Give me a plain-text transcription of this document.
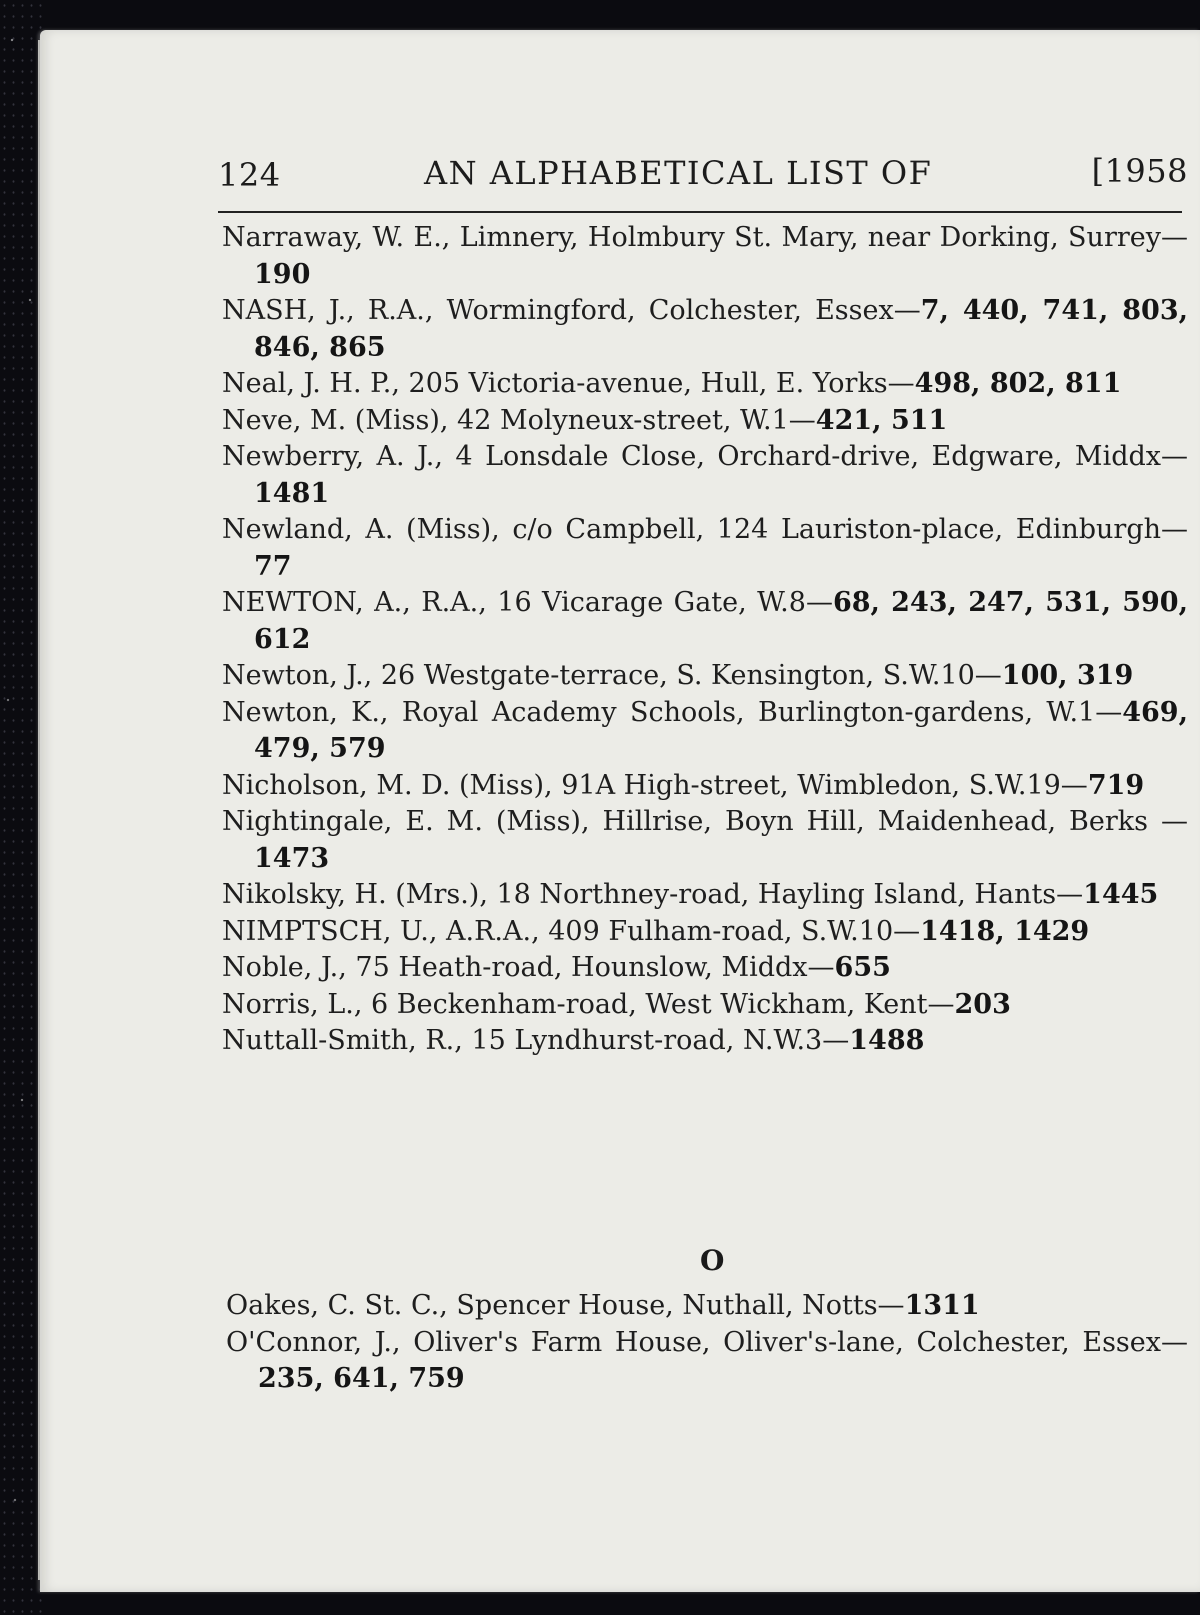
124	AN ALPHABETICAL LIST OF	[1958

Narraway, W. E., Limnery, Holmbury St. Mary, near Dorking, Surrey—190

NASH, J., R.A., Wormingford, Colchester, Essex—7, 440, 741, 803, 846, 865

Neal, J. H. P., 205 Victoria-avenue, Hull, E. Yorks—498, 802, 811

Neve, M. (Miss), 42 Molyneux-street, W.1—421, 511

Newberry, A. J., 4 Lonsdale Close, Orchard-drive, Edgware, Middx—1481

Newland, A. (Miss), c/o Campbell, 124 Lauriston-place, Edinburgh—77

NEWTON, A., R.A., 16 Vicarage Gate, W.8—68, 243, 247, 531, 590, 612

Newton, J., 26 Westgate-terrace, S. Kensington, S.W.10—100, 319

Newton, K., Royal Academy Schools, Burlington-gardens, W.1—469, 479, 579

Nicholson, M. D. (Miss), 91A High-street, Wimbledon, S.W.19—719

Nightingale, E. M. (Miss), Hillrise, Boyn Hill, Maidenhead, Berks —1473

Nikolsky, H. (Mrs.), 18 Northney-road, Hayling Island, Hants—1445

NIMPTSCH, U., A.R.A., 409 Fulham-road, S.W.10—1418, 1429

Noble, J., 75 Heath-road, Hounslow, Middx—655

Norris, L., 6 Beckenham-road, West Wickham, Kent—203

Nuttall-Smith, R., 15 Lyndhurst-road, N.W.3—1488

O

Oakes, C. St. C., Spencer House, Nuthall, Notts—1311

O'Connor, J., Oliver's Farm House, Oliver's-lane, Colchester, Essex—235, 641, 759
